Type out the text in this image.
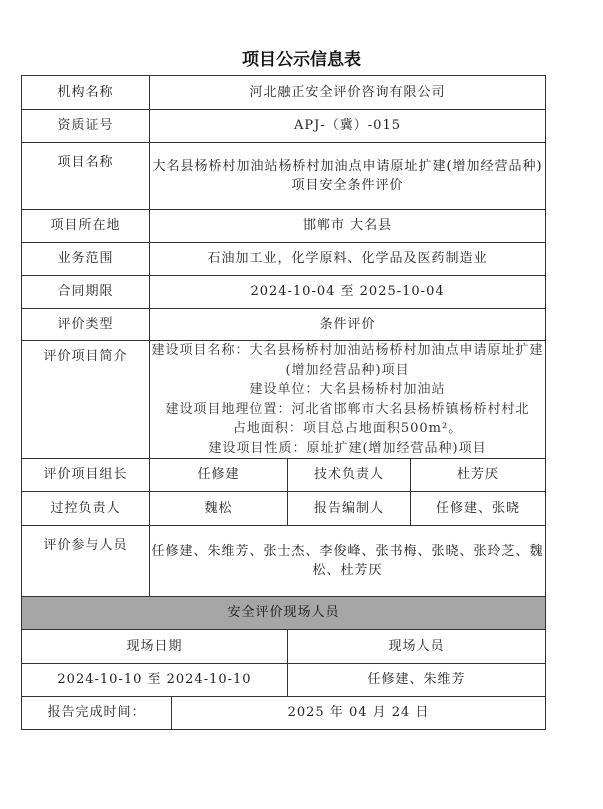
项目公示信息表
机构名称	河北融正安全评价咨询有限公司			
资质证号	APJ-（冀）-015			
项目名称	大名县杨桥村加油站杨桥村加油点申请原址扩建(增加经营品种)项目安全条件评价			
项目所在地	邯郸市 大名县			
业务范围	石油加工业，化学原料、化学品及医药制造业			
合同期限	2024-10-04 至 2025-10-04			
评价类型	条件评价			
评价项目简介	建设项目名称：大名县杨桥村加油站杨桥村加油点申请原址扩建(增加经营品种)项目
建设单位：大名县杨桥村加油站
建设项目地理位置：河北省邯郸市大名县杨桥镇杨桥村村北
占地面积：项目总占地面积500m²。
建设项目性质：原址扩建(增加经营品种)项目			

评价项目组长	任修建		技术负责人	杜芳厌
过控负责人	魏松		报告编制人	任修建、张晓
评价参与人员	任修建、朱维芳、张士杰、李俊峰、张书梅、张晓、张玲芝、魏松、杜芳厌			
安全评价现场人员				
现场日期			现场人员	
2024-10-10 至 2024-10-10			任修建、朱维芳	
报告完成时间：		2025 年 04 月 24 日		
